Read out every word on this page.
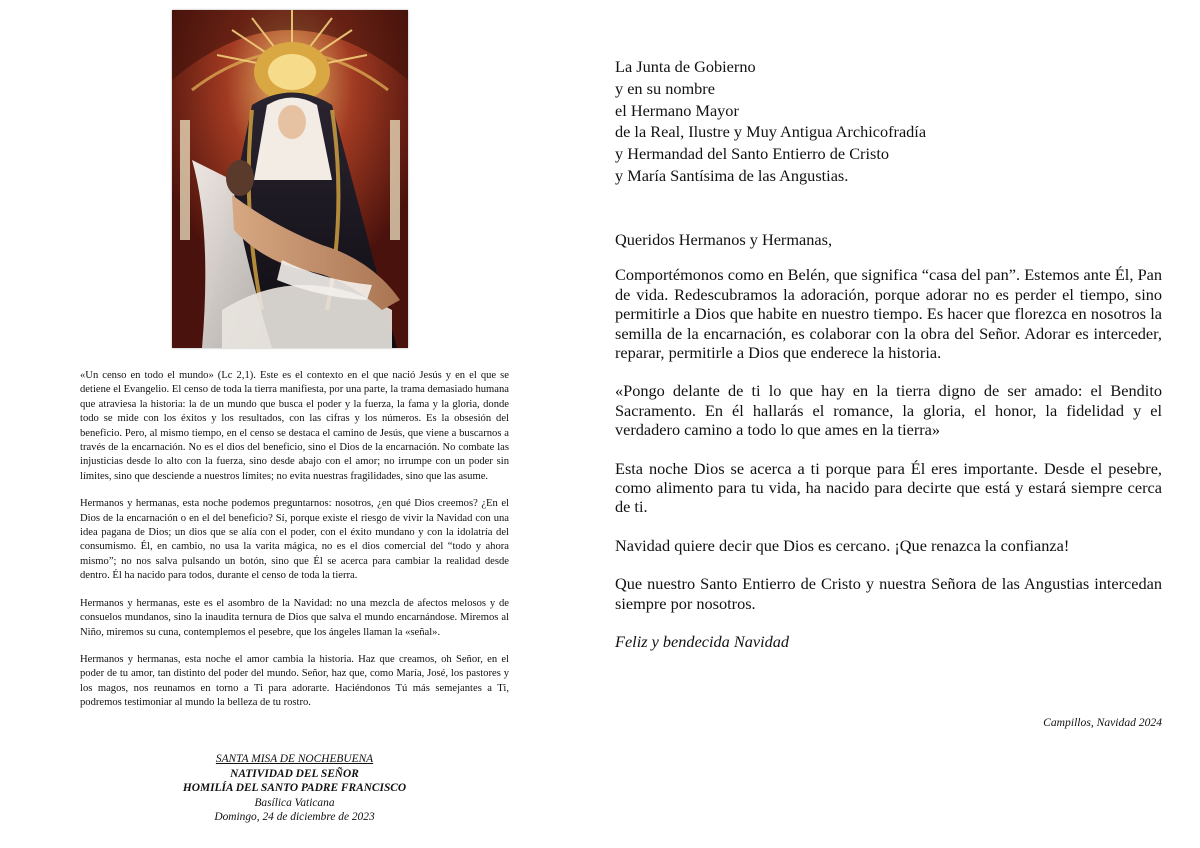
«Un censo en todo el mundo» (Lc 2,1). Este es el contexto en el que nació Jesús y en el que se detiene el Evangelio. El censo de toda la tierra manifiesta, por una parte, la trama demasiado humana que atraviesa la historia: la de un mundo que busca el poder y la fuerza, la fama y la gloria, donde todo se mide con los éxitos y los resultados, con las cifras y los números. Es la obsesión del beneficio. Pero, al mismo tiempo, en el censo se destaca el camino de Jesús, que viene a buscarnos a través de la encarnación. No es el dios del beneficio, sino el Dios de la encarnación. No combate las injusticias desde lo alto con la fuerza, sino desde abajo con el amor; no irrumpe con un poder sin límites, sino que desciende a nuestros límites; no evita nuestras fragilidades, sino que las asume.

Hermanos y hermanas, esta noche podemos preguntarnos: nosotros, ¿en qué Dios creemos? ¿En el Dios de la encarnación o en el del beneficio? Sí, porque existe el riesgo de vivir la Navidad con una idea pagana de Dios; un dios que se alía con el poder, con el éxito mundano y con la idolatría del consumismo. Él, en cambio, no usa la varita mágica, no es el dios comercial del “todo y ahora mismo”; no nos salva pulsando un botón, sino que Él se acerca para cambiar la realidad desde dentro. Él ha nacido para todos, durante el censo de toda la tierra.

Hermanos y hermanas, este es el asombro de la Navidad: no una mezcla de afectos melosos y de consuelos mundanos, sino la inaudita ternura de Dios que salva el mundo encarnándose. Miremos al Niño, miremos su cuna, contemplemos el pesebre, que los ángeles llaman la «señal».

Hermanos y hermanas, esta noche el amor cambia la historia. Haz que creamos, oh Señor, en el poder de tu amor, tan distinto del poder del mundo. Señor, haz que, como María, José, los pastores y los magos, nos reunamos en torno a Ti para adorarte. Haciéndonos Tú más semejantes a Ti, podremos testimoniar al mundo la belleza de tu rostro.

SANTA MISA DE NOCHEBUENA
NATIVIDAD DEL SEÑOR
HOMILÍA DEL SANTO PADRE FRANCISCO
Basílica Vaticana
Domingo, 24 de diciembre de 2023
La Junta de Gobierno
y en su nombre
el Hermano Mayor
de la Real, Ilustre y Muy Antigua Archicofradía
y Hermandad del Santo Entierro de Cristo
y María Santísima de las Angustias.

Queridos Hermanos y Hermanas,

Comportémonos como en Belén, que significa “casa del pan”. Estemos ante Él, Pan de vida. Redescubramos la adoración, porque adorar no es perder el tiempo, sino permitirle a Dios que habite en nuestro tiempo. Es hacer que florezca en nosotros la semilla de la encarnación, es colaborar con la obra del Señor. Adorar es interceder, reparar, permitirle a Dios que enderece la historia.

«Pongo delante de ti lo que hay en la tierra digno de ser amado: el Bendito Sacramento. En él hallarás el romance, la gloria, el honor, la fidelidad y el verdadero camino a todo lo que ames en la tierra»

Esta noche Dios se acerca a ti porque para Él eres importante. Desde el pesebre, como alimento para tu vida, ha nacido para decirte que está y estará siempre cerca de ti.

Navidad quiere decir que Dios es cercano. ¡Que renazca la confianza!

Que nuestro Santo Entierro de Cristo y nuestra Señora de las Angustias intercedan siempre por nosotros.

Feliz y bendecida Navidad

Campillos, Navidad 2024
